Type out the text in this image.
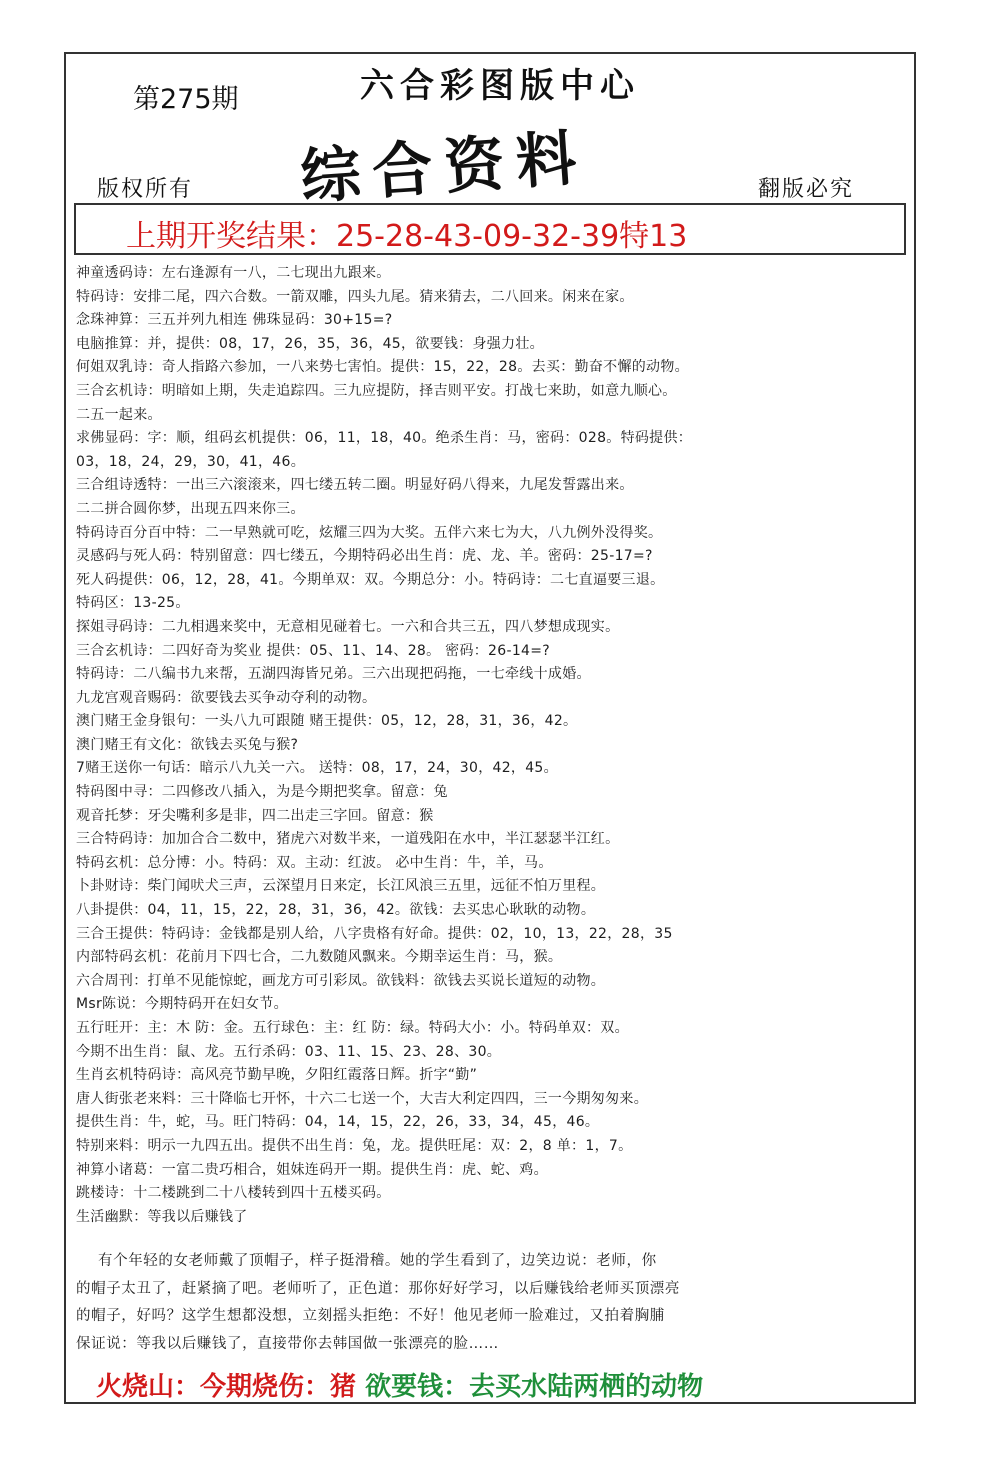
第275期	六合彩图版中心
综合资料
版权所有	翻版必究
上期开奖结果：25-28-43-09-32-39特13
神童透码诗：左右逢源有一八，二七现出九跟来。
特码诗：安排二尾，四六合数。一箭双雕，四头九尾。猜来猜去，二八回来。闲来在家。
念珠神算：三五并列九相连 佛珠显码：30+15=?
电脑推算：并，提供：08，17，26，35，36，45，欲要钱：身强力壮。
何姐双乳诗：奇人指路六参加，一八来势七害怕。提供：15，22，28。去买：勤奋不懈的动物。
三合玄机诗：明暗如上期，失走追踪四。三九应提防，择吉则平安。打战七来助，如意九顺心。
二五一起来。
求佛显码：字：顺，组码玄机提供：06，11，18，40。绝杀生肖：马，密码：028。特码提供：
03，18，24，29，30，41，46。
三合组诗透特：一出三六滚滚来，四七缕五转二圈。明显好码八得来，九尾发誓露出来。
二二拼合圆你梦，出现五四来你三。
特码诗百分百中特：二一早熟就可吃，炫耀三四为大奖。五伴六来七为大，八九例外没得奖。
灵感码与死人码：特别留意：四七缕五，今期特码必出生肖：虎、龙、羊。密码：25-17=?
死人码提供：06，12，28，41。今期单双：双。今期总分：小。特码诗：二七直逼要三退。
特码区：13-25。
探姐寻码诗：二九相遇来奖中，无意相见碰着七。一六和合共三五，四八梦想成现实。
三合玄机诗：二四好奇为奖业 提供：05、11、14、28。 密码：26-14=?
特码诗：二八编书九来帮，五湖四海皆兄弟。三六出现把码拖，一七牵线十成婚。
九龙宫观音赐码：欲要钱去买争动夺利的动物。
澳门赌王金身银句：一头八九可跟随 赌王提供：05，12，28，31，36，42。
澳门赌王有文化：欲钱去买兔与猴?
7赌王送你一句话：暗示八九关一六。 送特：08，17，24，30，42，45。
特码图中寻：二四修改八插入，为是今期把奖拿。留意：兔
观音托梦：牙尖嘴利多是非，四二出走三字回。留意：猴
三合特码诗：加加合合二数中，猪虎六对数半来，一道残阳在水中，半江瑟瑟半江红。
特码玄机：总分博：小。特码：双。主动：红波。 必中生肖：牛，羊，马。
卜卦财诗：柴门闻吠犬三声，云深望月日来定，长江风浪三五里，远征不怕万里程。
八卦提供：04，11，15，22，28，31，36，42。欲钱：去买忠心耿耿的动物。
三合王提供：特码诗：金钱都是别人给，八字贵格有好命。提供：02，10，13，22，28，35
内部特码玄机：花前月下四七合，二九数随风飘来。今期幸运生肖：马，猴。
六合周刊：打单不见能惊蛇，画龙方可引彩凤。欲钱料：欲钱去买说长道短的动物。
Msr陈说：今期特码开在妇女节。
五行旺开：主：木 防：金。五行球色：主：红 防：绿。特码大小：小。特码单双：双。
今期不出生肖：鼠、龙。五行杀码：03、11、15、23、28、30。
生肖玄机特码诗：高风亮节勤早晚，夕阳红霞落日辉。折字“勤”
唐人街张老来料：三十降临七开怀，十六二七送一个，大吉大利定四四，三一今期匆匆来。
提供生肖：牛，蛇，马。旺门特码：04，14，15，22，26，33，34，45，46。
特别来料：明示一九四五出。提供不出生肖：兔，龙。提供旺尾：双：2，8 单：1，7。
神算小诸葛：一富二贵巧相合，姐妹连码开一期。提供生肖：虎、蛇、鸡。
跳楼诗：十二楼跳到二十八楼转到四十五楼买码。
生活幽默：等我以后赚钱了
有个年轻的女老师戴了顶帽子，样子挺滑稽。她的学生看到了，边笑边说：老师，你
的帽子太丑了，赶紧摘了吧。老师听了，正色道：那你好好学习，以后赚钱给老师买顶漂亮
的帽子，好吗？这学生想都没想，立刻摇头拒绝：不好！他见老师一脸难过，又拍着胸脯
保证说：等我以后赚钱了，直接带你去韩国做一张漂亮的脸……
火烧山：今期烧伤：猪 欲要钱：去买水陆两栖的动物
